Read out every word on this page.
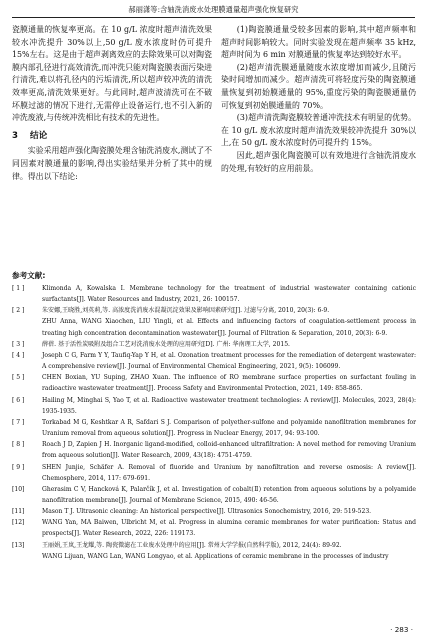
郝丽潇等:含轴洗消废水处理膜通量超声强化恢复研究

瓷膜通量的恢复率更高。在 10 g/L 浓度时超声清洗效果较水冲洗提升 30%以上,50 g/L 废水浓度时仍可提升 15%左右。这是由于超声剥离效应的去除效果可以对陶瓷膜内部孔径进行高效清洗,而冲洗只能对陶瓷膜表面污染进行清洗,难以将孔径内的污垢清洗,所以超声较冲洗的清洗效率更高,清洗效果更好。与此同时,超声波清洗可在不破坏膜过滤的情况下进行,无需停止设备运行,也不引入新的冲洗废液,与传统冲洗相比有技术的先进性。

3 结论

实验采用超声强化陶瓷膜处理含铀洗消废水,测试了不同因素对膜通量的影响,得出实验结果并分析了其中的规律。得出以下结论:

(1)陶瓷膜通量受较多因素的影响,其中超声频率和超声时间影响较大。同时实验发现在超声频率 35 kHz,超声时间为 6 min 对膜通量的恢复率达到较好水平。

(2)超声清洗膜通量随废水浓度增加而减少,且随污染时间增加而减少。超声清洗可将轻度污染的陶瓷膜通量恢复到初始膜通量的 95%,重度污染的陶瓷膜通量仍可恢复到初始膜通量的 70%。

(3)超声清洗陶瓷膜较普通冲洗技术有明显的优势。在 10 g/L 废水浓度时超声清洗效果较冲洗提升 30%以上,在 50 g/L 废水浓度时仍可提升约 15%。

因此,超声强化陶瓷膜可以有效地进行含铀洗消废水的处理,有较好的应用前景。

参考文献:
[ 1 ]	Klimonda A, Kowalska I. Membrane technology for the treatment of industrial wastewater containing cationic surfactants[J]. Water Resources and Industry, 2021, 26: 100157.
[ 2 ]	朱安娜,王晓胜,刘英莉,等. 高浓度洗消废水混凝沉淀效果及影响因素研究[J]. 过滤与分离, 2010, 20(3): 6-9.
ZHU Anna, WANG Xiaochen, LIU Yingli, et al. Effects and influencing factors of coagulation-settlement process in treating high concentration decontamination wastewater[J]. Journal of Filtration & Separation, 2010, 20(3): 6-9.
[ 3 ]	薛蓓. 基于活性炭吸附及组合工艺对洗消废水处理的应用研究[D]. 广州: 华南理工大学, 2015.
[ 4 ]	Joseph C G, Farm Y Y, Taufiq-Yap Y H, et al. Ozonation treatment processes for the remediation of detergent wastewater: A comprehensive review[J]. Journal of Environmental Chemical Engineering, 2021, 9(5): 106099.
[ 5 ]	CHEN Boxian, YU Suping, ZHAO Xuan. The influence of RO membrane surface properties on surfactant fouling in radioactive wastewater treatment[J]. Process Safety and Environmental Protection, 2021, 149: 858-865.
[ 6 ]	Hailing M, Minghai S, Yao T, et al. Radioactive wastewater treatment technologies: A review[J]. Molecules, 2023, 28(4): 1935-1935.
[ 7 ]	Torkabad M G, Keshtkar A R, Safdari S J. Comparison of polyether-sulfone and polyamide nanofiltration membranes for Uranium removal from aqueous solution[J]. Progress in Nuclear Energy, 2017, 94: 93-100.
[ 8 ]	Roach J D, Zapien J H. Inorganic ligand-modified, colloid-enhanced ultrafiltration: A novel method for removing Uranium from aqueous solution[J]. Water Research, 2009, 43(18): 4751-4759.
[ 9 ]	SHEN Junjie, Schäfer A. Removal of fluoride and Uranium by nanofiltration and reverse osmosis: A review[J]. Chemosphere, 2014, 117: 679-691.
[10]	Gherasim C V, Hancková K, Palarčík J, et al. Investigation of cobalt(Ⅱ) retention from aqueous solutions by a polyamide nanofiltration membrane[J]. Journal of Membrane Science, 2015, 490: 46-56.
[11]	Mason T J. Ultrasonic cleaning: An historical perspective[J]. Ultrasonics Sonochemistry, 2016, 29: 519-523.
[12]	WANG Yan, MA Baiwen, Ulbricht M, et al. Progress in alumina ceramic membranes for water purification: Status and prospects[J]. Water Research, 2022, 226: 119173.
[13]	王丽娟,王岚,王龙耀,等. 陶瓷微滤在工业废水处理中的应用[J]. 常州大学学报(自然科学版), 2012, 24(4): 89-92.
WANG Lijuan, WANG Lan, WANG Longyao, et al. Applications of ceramic membrane in the processes of industry
· 283 ·
